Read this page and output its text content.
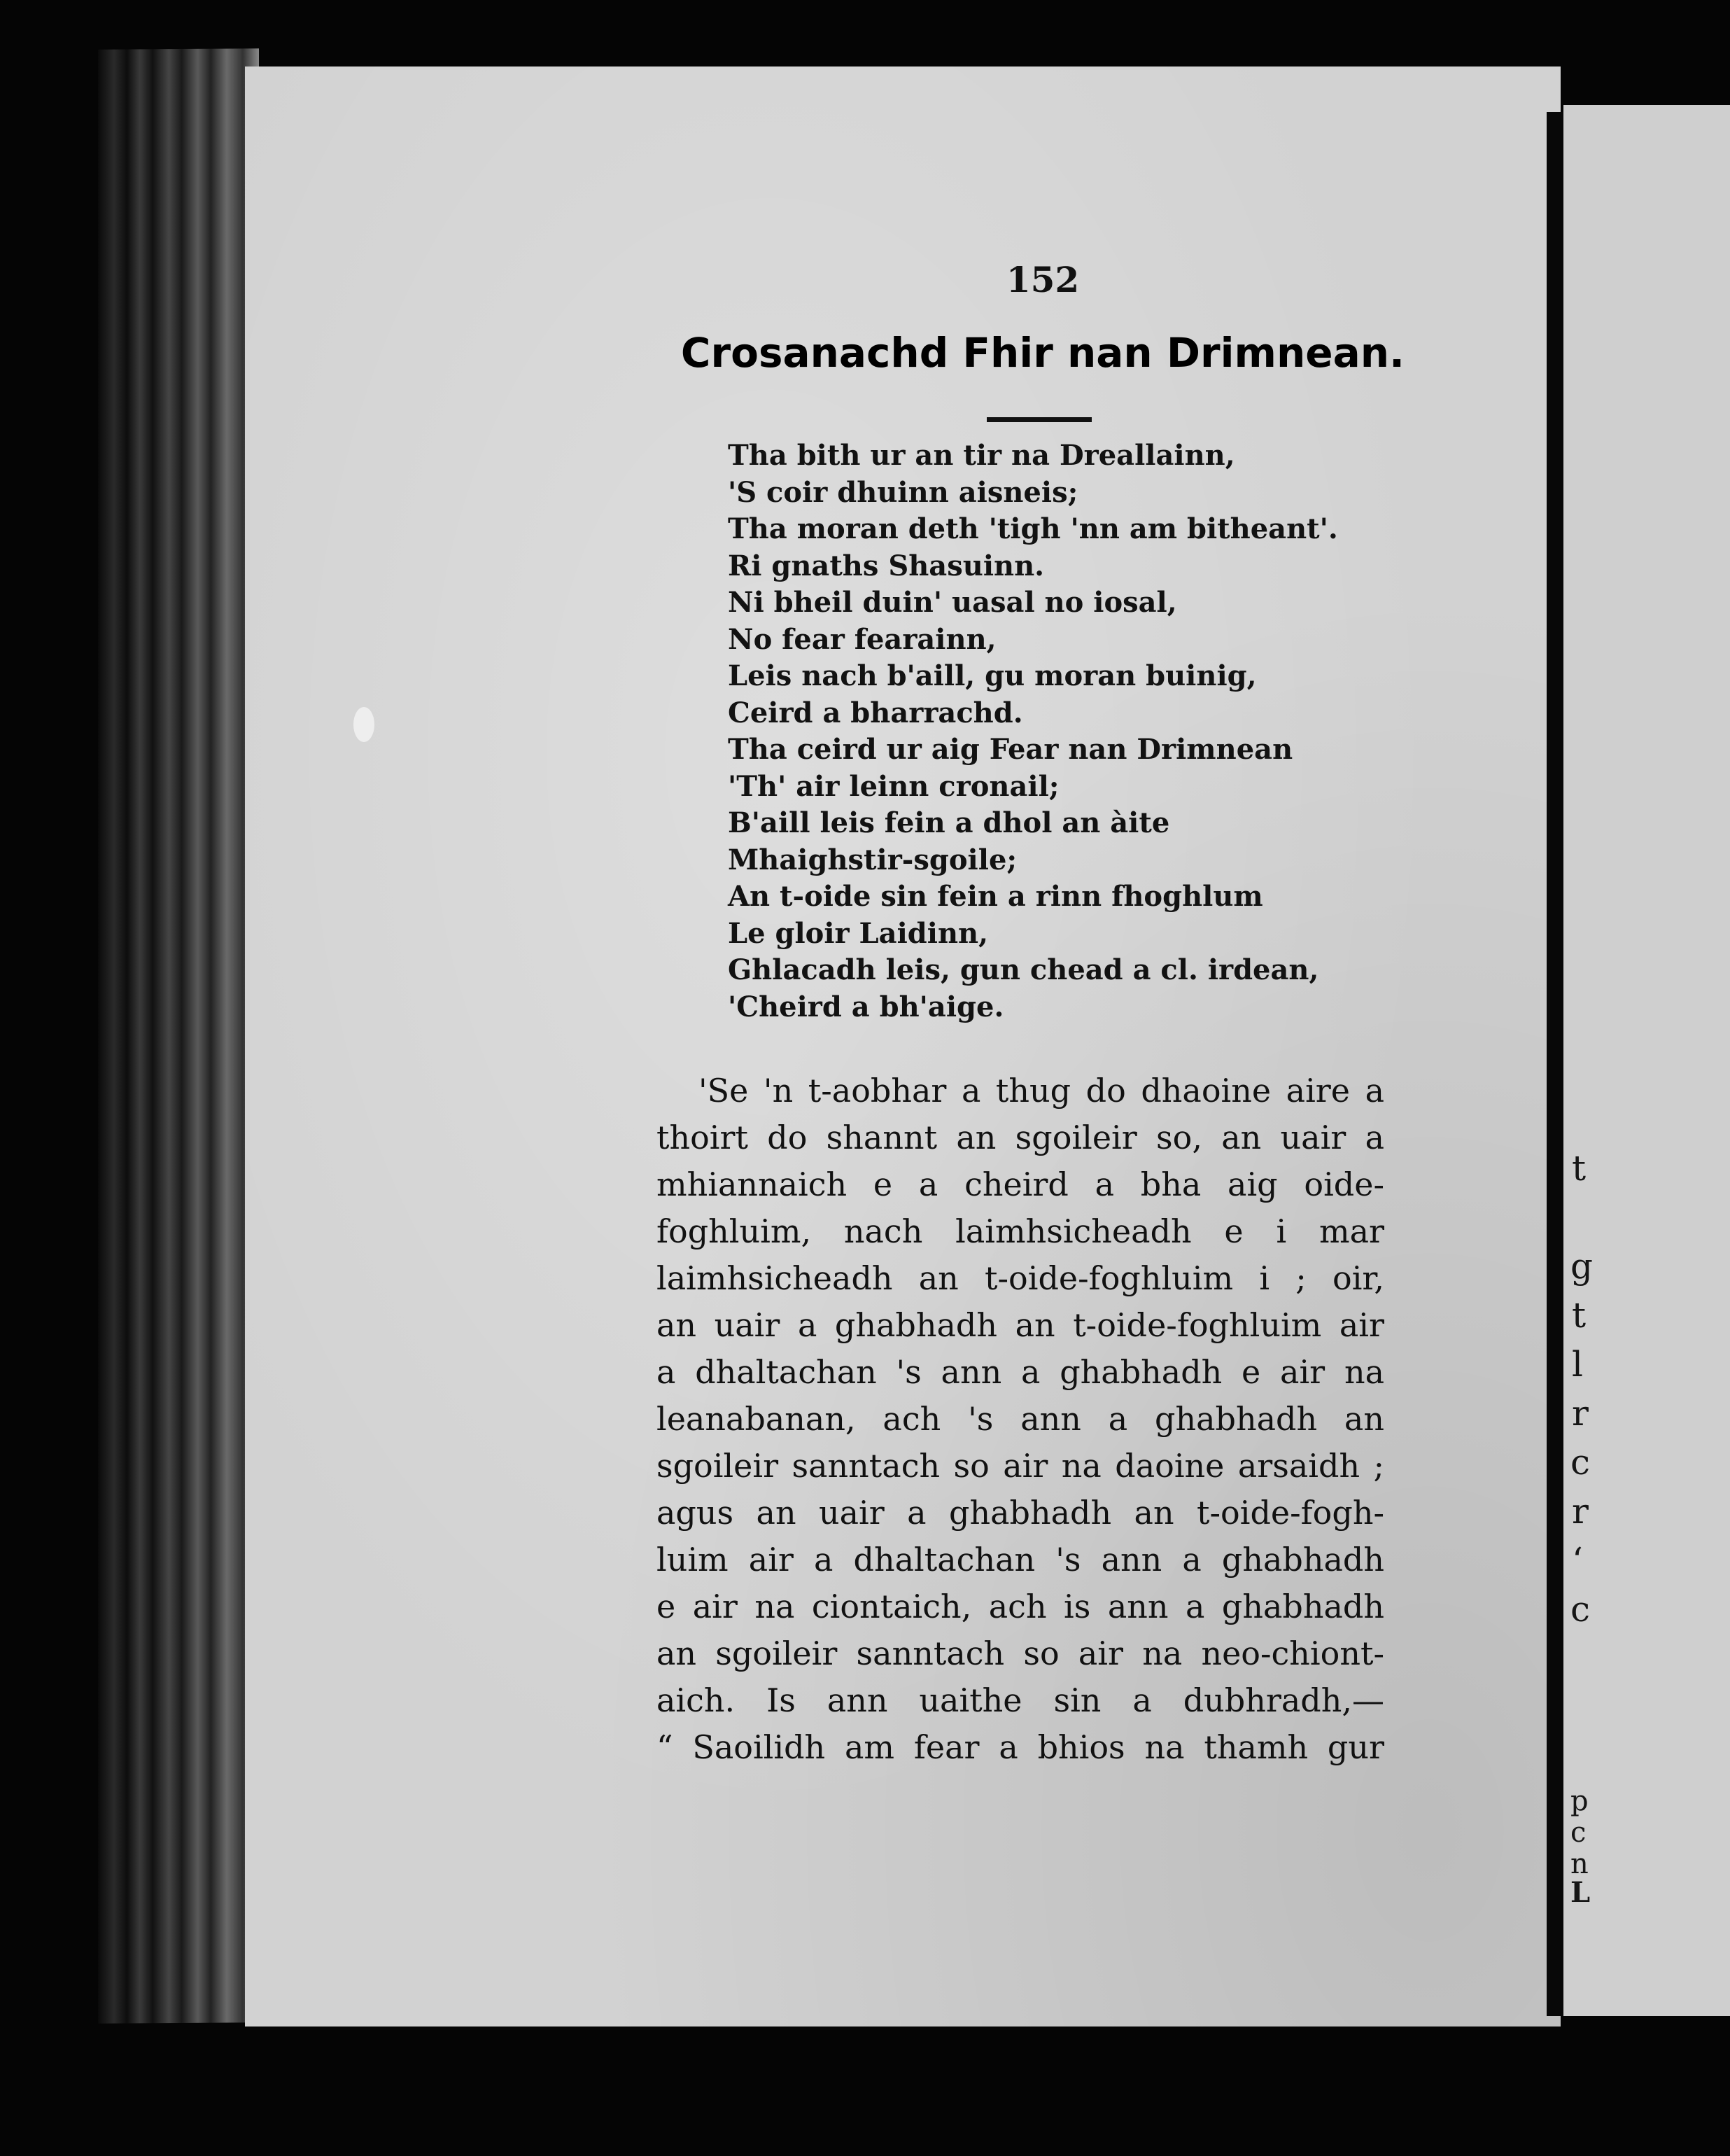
t
g
t
l
r
c
r
‘
c
p
c
n
L
152
Crosanachd Fhir nan Drimnean.
Tha bith ur an tir na Dreallainn,
'S coir dhuinn aisneis;
Tha moran deth 'tigh 'nn am bitheant'.
Ri gnaths Shasuinn.
Ni bheil duin' uasal no iosal,
No fear fearainn,
Leis nach b'aill, gu moran buinig,
Ceird a bharrachd.
Tha ceird ur aig Fear nan Drimnean
'Th' air leinn cronail;
B'aill leis fein a dhol an àite
Mhaighstir-sgoile;
An t-oide sin fein a rinn fhoghlum
Le gloir Laidinn,
Ghlacadh leis, gun chead a cl. irdean,
'Cheird a bh'aige.
'Se 'n t-aobhar a thug do dhaoine aire a
thoirt do shannt an sgoileir so, an uair a
mhiannaich e a cheird a bha aig oide-
foghluim, nach laimhsicheadh e i mar
laimhsicheadh an t-oide-foghluim i ; oir,
an uair a ghabhadh an t-oide-foghluim air
a dhaltachan 's ann a ghabhadh e air na
leanabanan, ach 's ann a ghabhadh an
sgoileir sanntach so air na daoine arsaidh ;
agus an uair a ghabhadh an t-oide-fogh-
luim air a dhaltachan 's ann a ghabhadh
e air na ciontaich, ach is ann a ghabhadh
an sgoileir sanntach so air na neo-chiont-
aich. Is ann uaithe sin a dubhradh,—
“ Saoilidh am fear a bhios na thamh gur
